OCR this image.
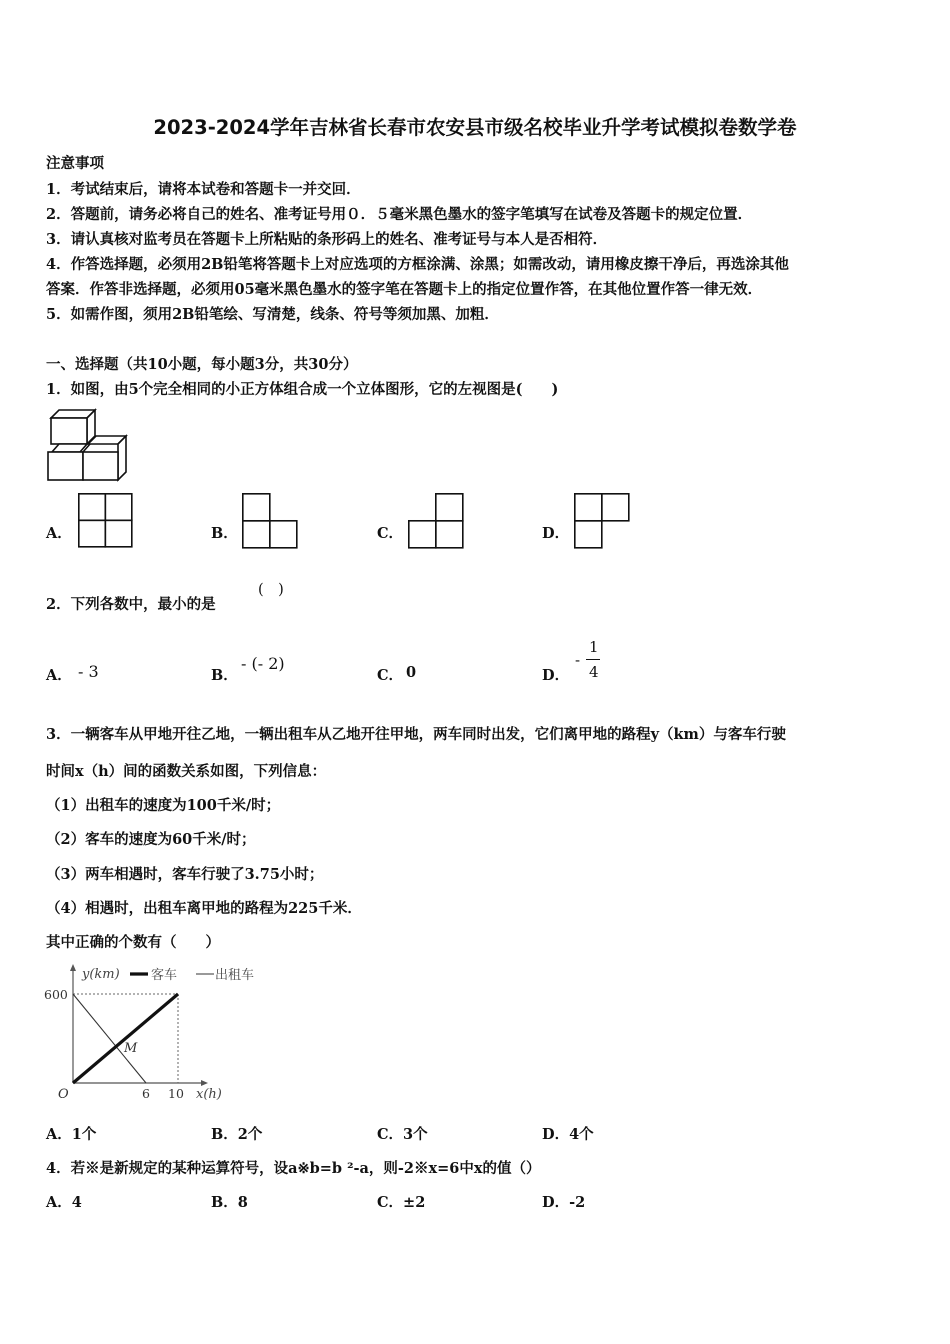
2023-2024学年吉林省长春市农安县市级名校毕业升学考试模拟卷数学卷
注意事项
1．考试结束后，请将本试卷和答题卡一并交回．
2．答题前，请务必将自己的姓名、准考证号用０．５毫米黑色墨水的签字笔填写在试卷及答题卡的规定位置．
3．请认真核对监考员在答题卡上所粘贴的条形码上的姓名、准考证号与本人是否相符．
4．作答选择题，必须用2B铅笔将答题卡上对应选项的方框涂满、涂黑；如需改动，请用橡皮擦干净后，再选涂其他
答案．作答非选择题，必须用05毫米黑色墨水的签字笔在答题卡上的指定位置作答，在其他位置作答一律无效．
5．如需作图，须用2B铅笔绘、写清楚，线条、符号等须加黑、加粗．
一、选择题（共10小题，每小题3分，共30分）
1．如图，由5个完全相同的小正方体组合成一个立体图形，它的左视图是(　　)
A．	B．	C．	D．
2．下列各数中，最小的是
(　)
A． - 3	B．
- (- 2)
C． 0	D．
-
1
4
3．一辆客车从甲地开往乙地，一辆出租车从乙地开往甲地，两车同时出发，它们离甲地的路程y（km）与客车行驶
时间x（h）间的函数关系如图，下列信息：
（1）出租车的速度为100千米/时；
（2）客车的速度为60千米/时；
（3）两车相遇时，客车行驶了3.75小时；
（4）相遇时，出租车离甲地的路程为225千米．
其中正确的个数有（　　）
y(km) 客车	出租车
600
O	6 10 x(h)
M
A．1个	B．2个	C．3个	D．4个
4．若※是新规定的某种运算符号，设a※b=b ²-a，则-2※x=6中x的值（）
A．4	B．8	C．±2	D．-2
